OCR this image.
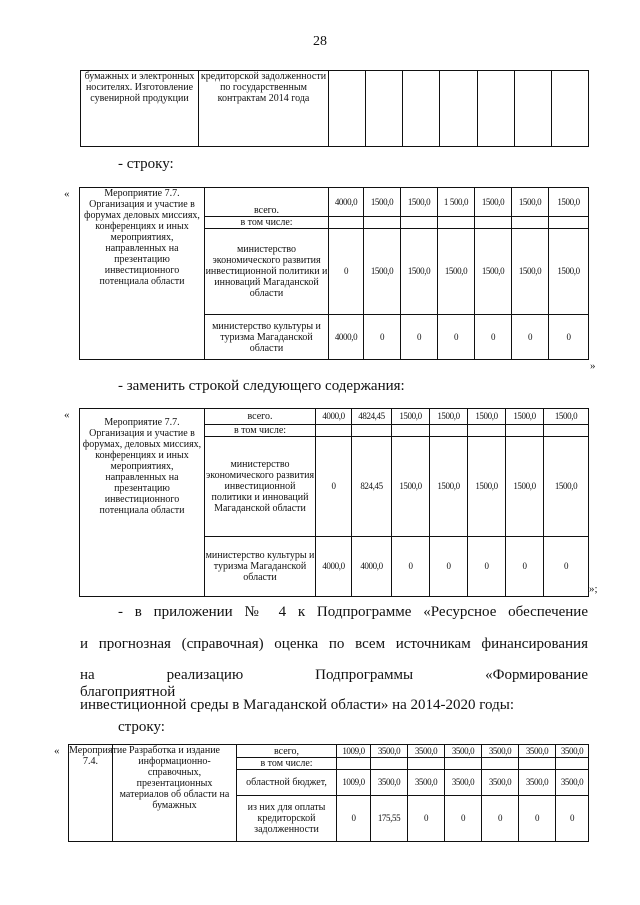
28
бумажных и электронных носителях. Изготовление сувенирной продукции	кредиторской задолженности по государственным контрактам 2014 года							
- строку:
«	Мероприятие 7.7. Организация и участие в форумах деловых миссиях, конференциях и иных мероприятиях, направленных на презентацию инвестиционного потенциала области	всего.	4000,0	1500,0	1500,0	1 500,0	1500,0	1500,0	1500,0
	в том числе:							
	министерство экономического развития инвестиционной политики и инноваций Магаданской области	0	1500,0	1500,0	1500,0	1500,0	1500,0	1500,0
	министерство культуры и туризма Магаданской области	4000,0	0	0	0	0	0	0
»
- заменить строкой следующего содержания:
«
Мероприятие 7.7. Организация и участие в форумах, деловых миссиях, конференциях и иных мероприятиях, направленных на презентацию инвестиционного потенциала области	всего.	4000,0	4824,45	1500,0	1500,0	1500,0	1500,0	1500,0
	в том числе:							
	министерство экономического развития инвестиционной политики и инноваций Магаданской области	0	824,45	1500,0	1500,0	1500,0	1500,0	1500,0
	министерство культуры и туризма Магаданской области	4000,0	4000,0	0	0	0	0	0
»;
- в приложении № 4 к Подпрограмме «Ресурсное обеспечение
и прогнозная (справочная) оценка по всем источникам финансирования
на реализацию Подпрограммы «Формирование благоприятной
инвестиционной среды в Магаданской области» на 2014-2020 годы:
строку:
« Мероприятие 7.4.	Разработка и издание информационно-справочных, презентационных материалов об области на бумажных	всего,	1009,0	3500,0	3500,0	3500,0	3500,0	3500,0	3500,0
		в том числе:							
		областной бюджет,	1009,0	3500,0	3500,0	3500,0	3500,0	3500,0	3500,0
		из них для оплаты кредиторской задолженности	0	175,55	0	0	0	0	0
